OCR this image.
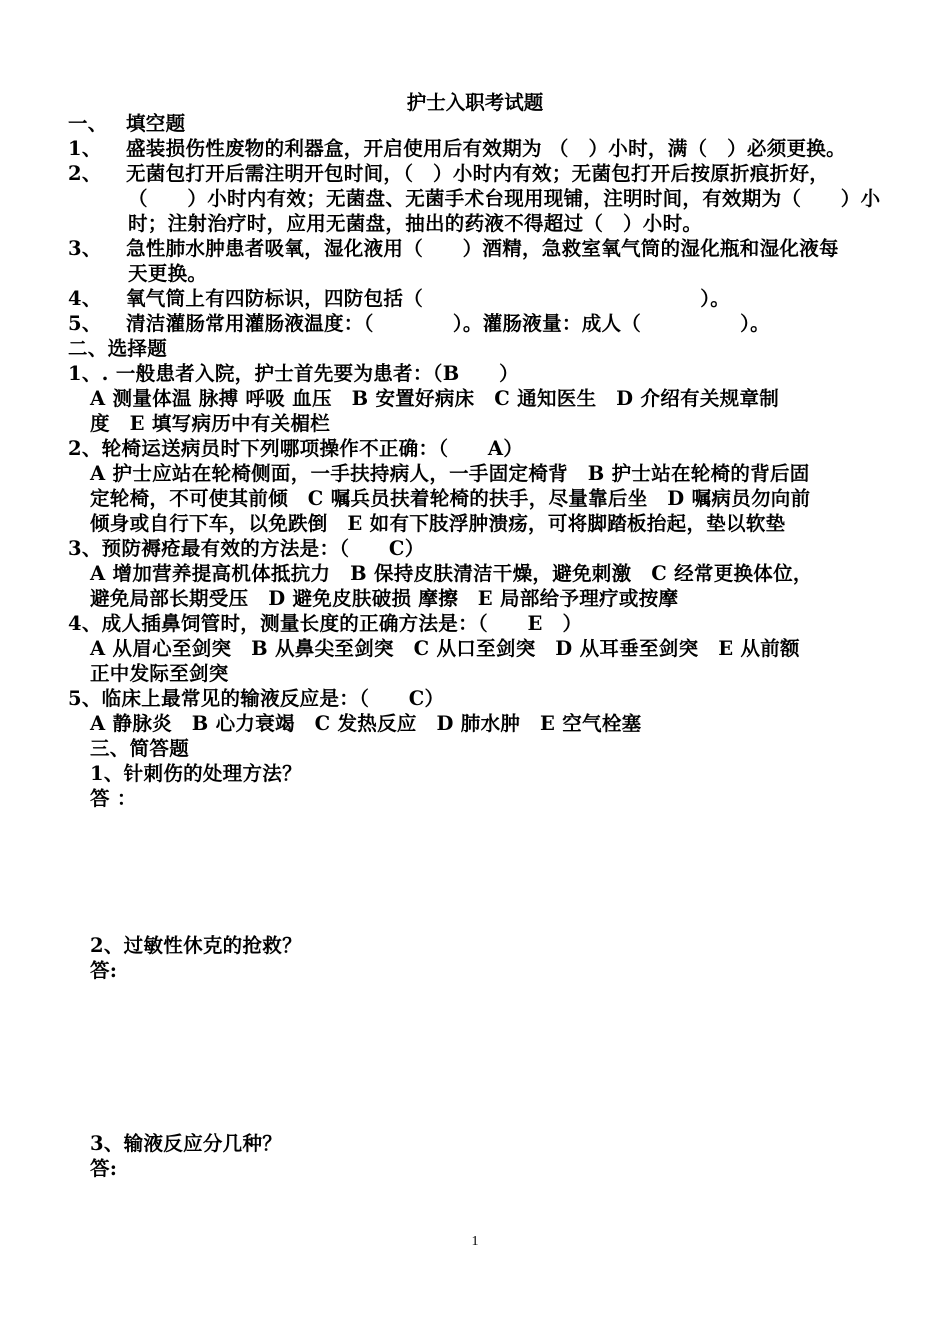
护士入职考试题
一、 填空题
1、 盛装损伤性废物的利器盒，开启使用后有效期为 （　）小时，满（　）必须更换。
2、 无菌包打开后需注明开包时间，（　）小时内有效；无菌包打开后按原折痕折好，
（　　）小时内有效；无菌盘、无菌手术台现用现铺，注明时间，有效期为（　　）小
时；注射治疗时，应用无菌盘，抽出的药液不得超过（　）小时。
3、 急性肺水肿患者吸氧，湿化液用（　　）酒精，急救室氧气筒的湿化瓶和湿化液每
天更换。
4、 氧气筒上有四防标识，四防包括（　　　　　　　　　　　　　　）。
5、 清洁灌肠常用灌肠液温度：（　　　　）。灌肠液量：成人（　　　　　）。
二、选择题
1、. 一般患者入院，护士首先要为患者：（B　　）
A 测量体温 脉搏 呼吸 血压　B 安置好病床　C 通知医生　D 介绍有关规章制
度　E 填写病历中有关楣栏
2、轮椅运送病员时下列哪项操作不正确：（　　A）
A 护士应站在轮椅侧面，一手扶持病人，一手固定椅背　B 护士站在轮椅的背后固
定轮椅，不可使其前倾　C 嘱兵员扶着轮椅的扶手，尽量靠后坐　D 嘱病员勿向前
倾身或自行下车，以免跌倒　E 如有下肢浮肿溃疡，可将脚踏板抬起，垫以软垫
3、预防褥疮最有效的方法是：（　　C）
A 增加营养提高机体抵抗力　B 保持皮肤清洁干燥，避免刺激　C 经常更换体位，
避免局部长期受压　D 避免皮肤破损 摩擦　E 局部给予理疗或按摩
4、成人插鼻饲管时，测量长度的正确方法是：（　　E　）
A 从眉心至剑突　B 从鼻尖至剑突　C 从口至剑突　D 从耳垂至剑突　E 从前额
正中发际至剑突
5、临床上最常见的输液反应是：（　　C）
A 静脉炎　B 心力衰竭　C 发热反应　D 肺水肿　E 空气栓塞
三、简答题
1、针刺伤的处理方法？
答 ：
2、过敏性休克的抢救？
答:
3、输液反应分几种？
答:
1
